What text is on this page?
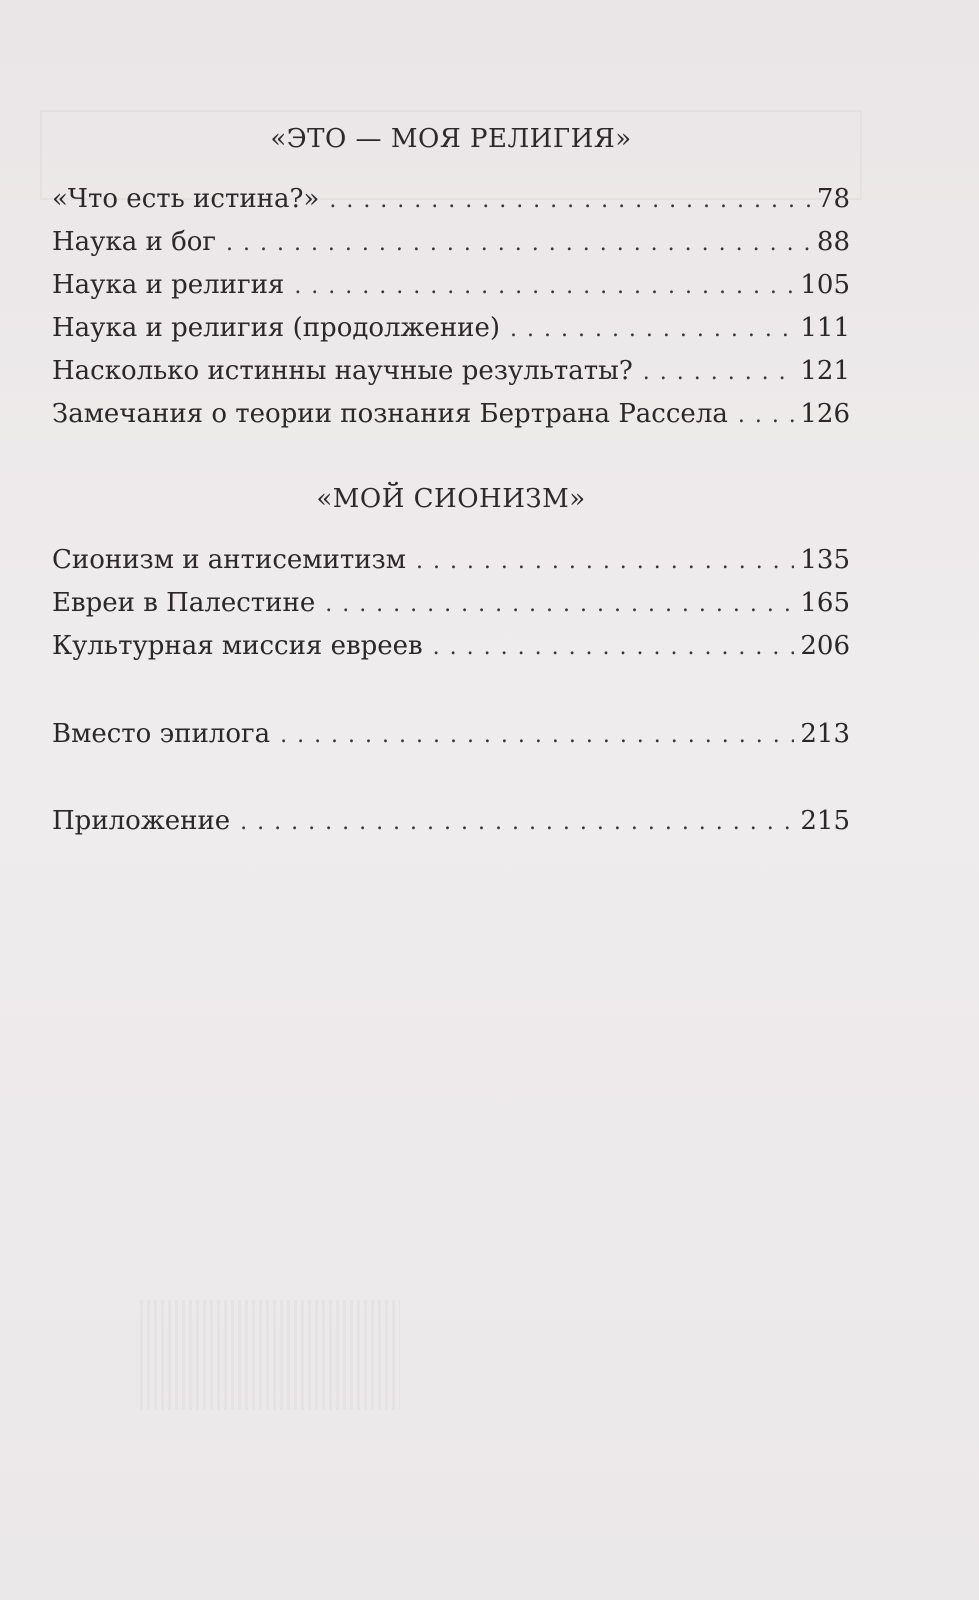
«ЭТО — МОЯ РЕЛИГИЯ»
«Что есть истина?» . . .	78
Наука и бог . . .	88
Наука и религия . . .	105
Наука и религия (продолжение) . . .	111
Насколько истинны научные результаты? . . .	121
Замечания о теории познания Бертрана Рассела . . .	126
«МОЙ СИОНИЗМ»
Сионизм и антисемитизм . . .	135
Евреи в Палестине . . .	165
Культурная миссия евреев . . .	206
Вместо эпилога . . .	213
Приложение . . .	215
